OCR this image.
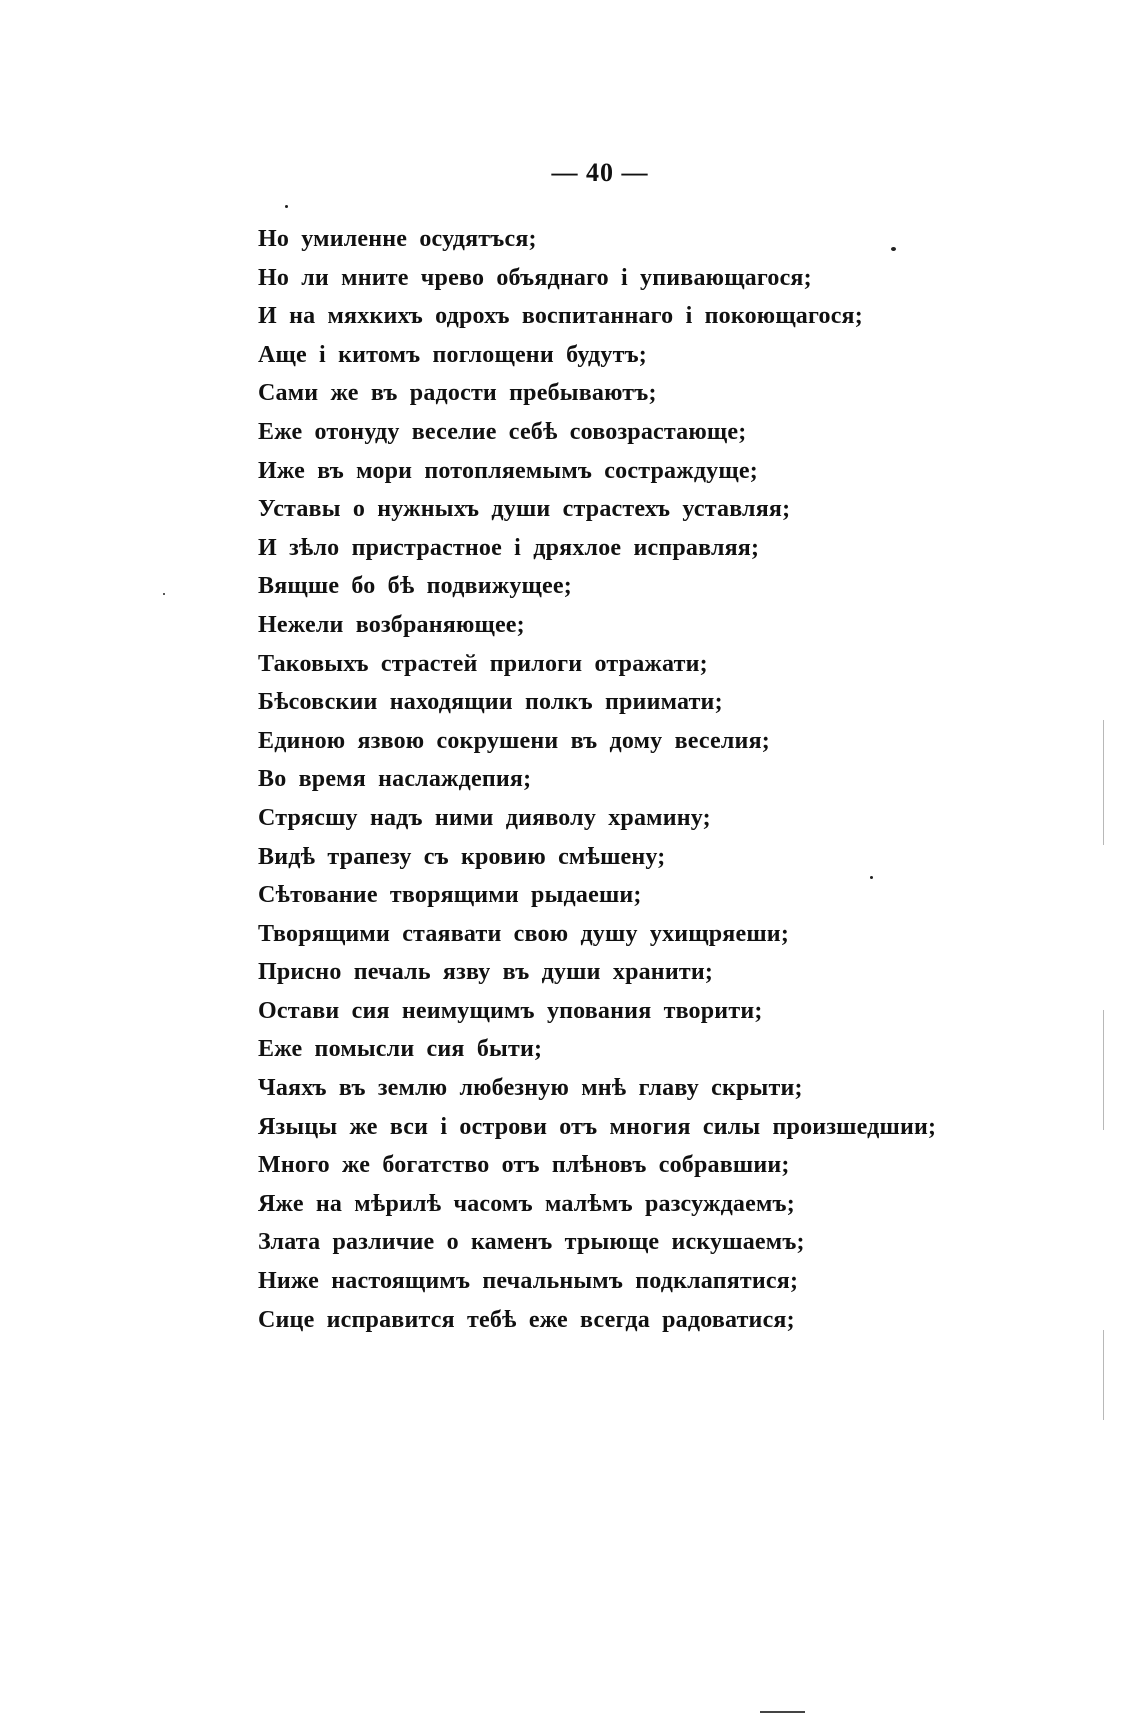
— 40 —
Но умиленне осудятъся;
Но ли мните чрево объяднаго і упивающагося;
И на мяхкихъ одрохъ воспитаннаго і покоющагося;
Аще і китомъ поглощени будутъ;
Сами же въ радости пребываютъ;
Еже отонуду веселие себѣ совозрастающе;
Иже въ мори потопляемымъ сострaждуще;
Уставы о нужныхъ души страстехъ уставляя;
И зѣло пристрастное і дряхлое исправляя;
Вящше бо бѣ подвижущее;
Нежели возбраняющее;
Таковыхъ страстей прилоги отражати;
Бѣсовскии находящии полкъ приимати;
Единою язвою сокрушени въ дому веселия;
Во время наслаждепия;
Стрясшу надъ ними дияволу храмину;
Видѣ трапезу съ кровию смѣшену;
Сѣтование творящими рыдаеши;
Творящими стаявати свою душу ухищряеши;
Присно печаль язву въ души хранити;
Остави сия неимущимъ упования творити;
Еже помысли сия быти;
Чаяхъ въ землю любезную мнѣ главу скрыти;
Языцы же вси і острови отъ многия силы произшедшии;
Много же богатство отъ плѣновъ собравшии;
Яже на мѣрилѣ часомъ малѣмъ разсуждаемъ;
Злата различие о каменъ трыюще искушаемъ;
Ниже настоящимъ печальнымъ подклапятися;
Сице исправится тебѣ еже всегда радоватися;
